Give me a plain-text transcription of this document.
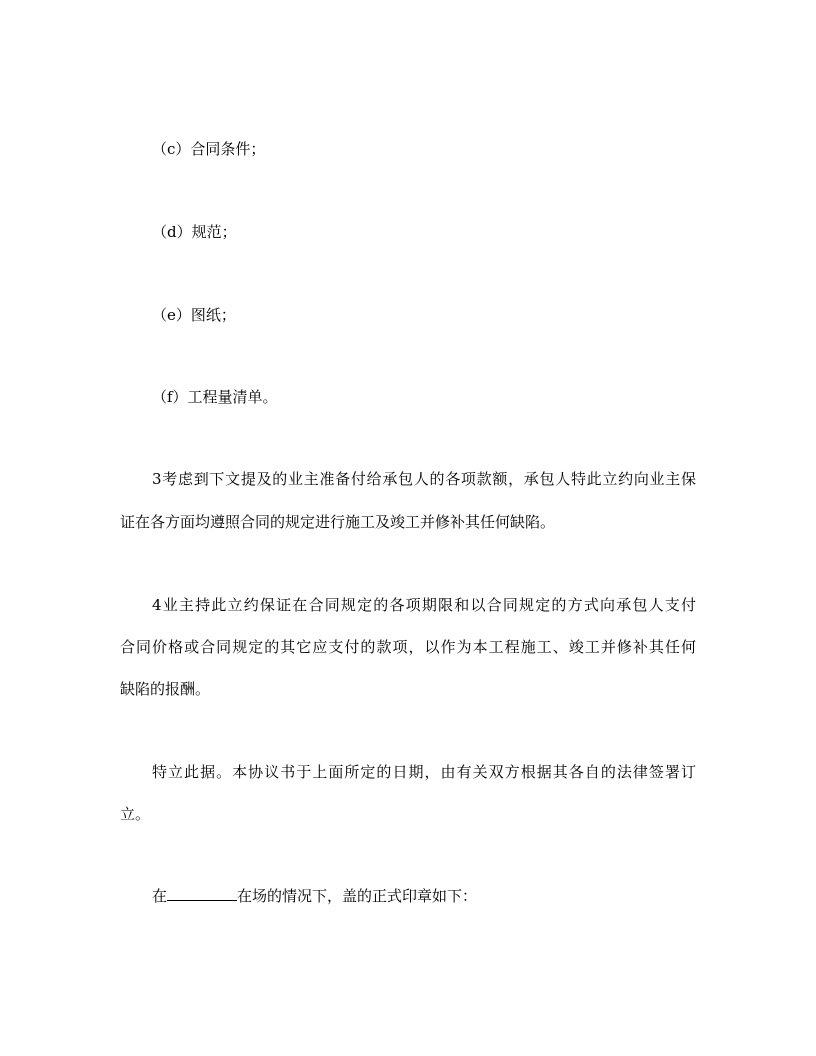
（c）合同条件；
（d）规范；
（e）图纸；
（f）工程量清单。
3考虑到下文提及的业主准备付给承包人的各项款额，承包人特此立约向业主保
证在各方面均遵照合同的规定进行施工及竣工并修补其任何缺陷。
4业主持此立约保证在合同规定的各项期限和以合同规定的方式向承包人支付
合同价格或合同规定的其它应支付的款项，以作为本工程施工、竣工并修补其任何
缺陷的报酬。
特立此据。本协议书于上面所定的日期，由有关双方根据其各自的法律签署订
立。
在	在场的情况下，盖的正式印章如下：
